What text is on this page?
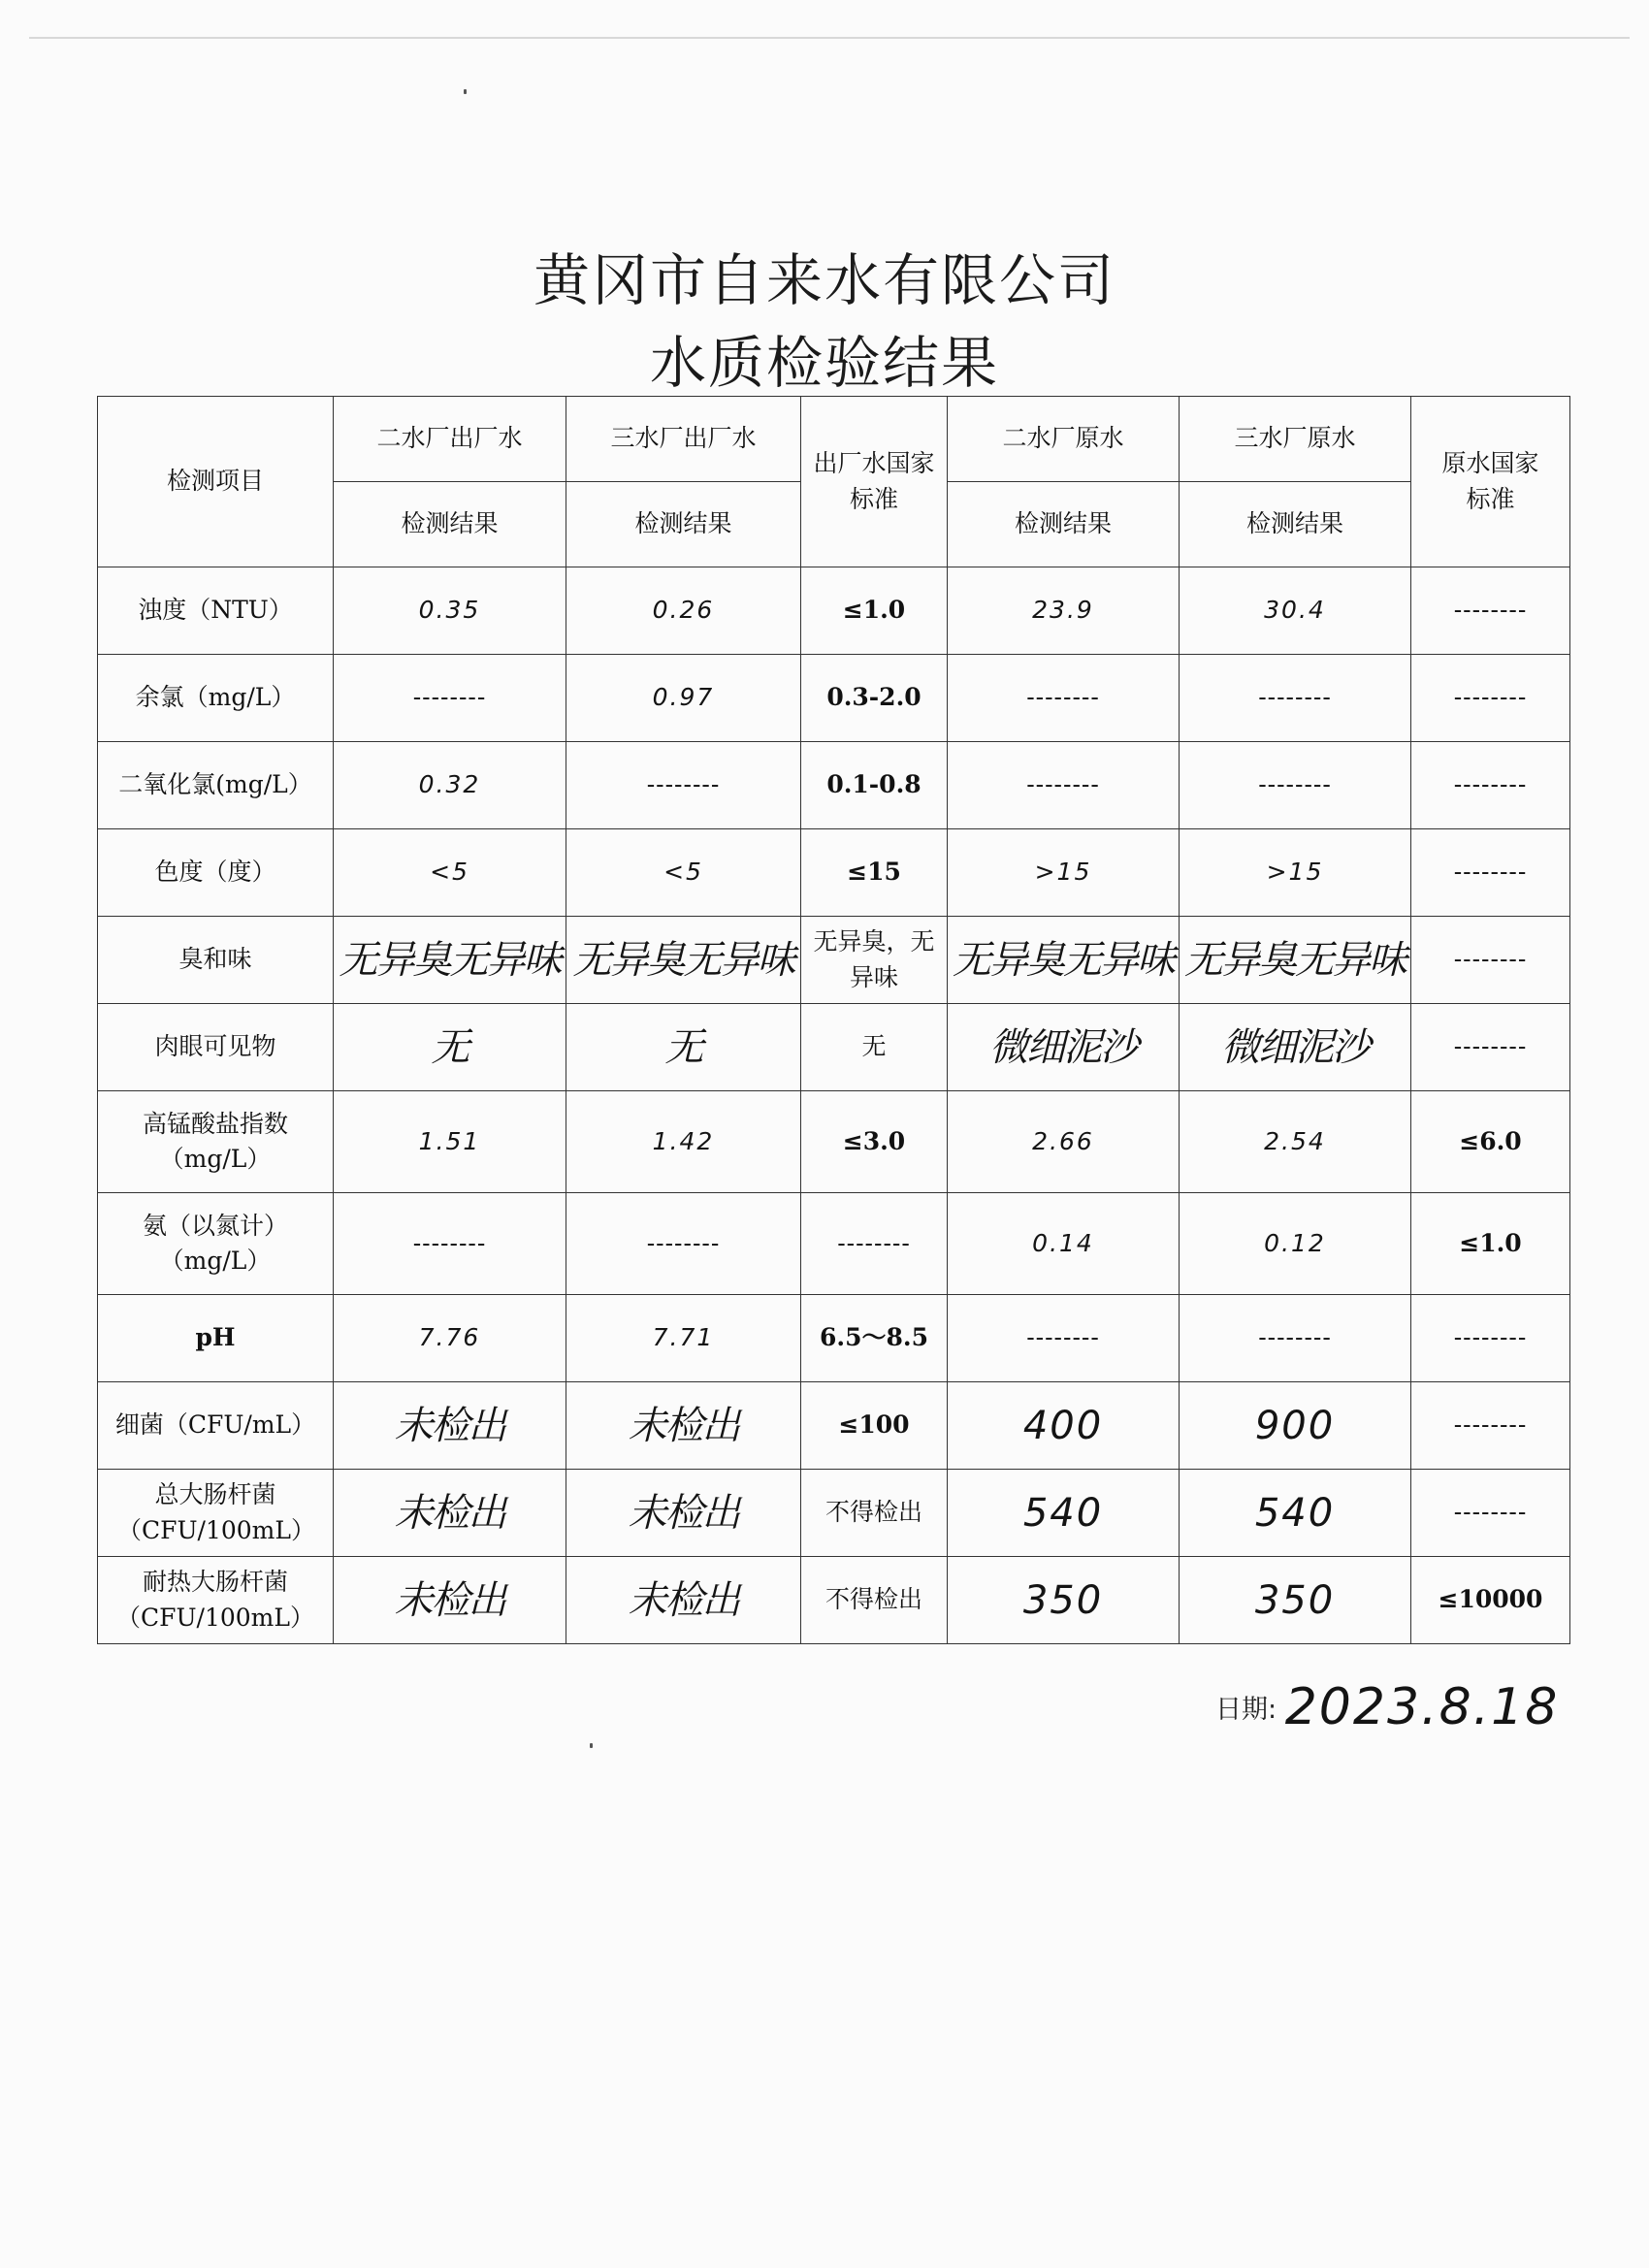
黄冈市自来水有限公司
水质检验结果
检测项目	二水厂出厂水	三水厂出厂水	出厂水国家标准	二水厂原水	三水厂原水	原水国家标准
	检测结果	检测结果		检测结果	检测结果	
浊度（NTU）	0.35	0.26	≤1.0	23.9	30.4	--------
余氯（mg/L）	--------	0.97	0.3-2.0	--------	--------	--------
二氧化氯(mg/L）	0.32	--------	0.1-0.8	--------	--------	--------
色度（度）	<5	<5	≤15	>15	>15	--------
臭和味	无异臭无异味	无异臭无异味	无异臭，无异味	无异臭无异味	无异臭无异味	--------
肉眼可见物	无	无	无	微细泥沙	微细泥沙	--------
高锰酸盐指数（mg/L）	1.51	1.42	≤3.0	2.66	2.54	≤6.0
氨（以氮计）（mg/L）	--------	--------	--------	0.14	0.12	≤1.0
pH	7.76	7.71	6.5～8.5	--------	--------	--------
细菌（CFU/mL）	未检出	未检出	≤100	400	900	--------
总大肠杆菌（CFU/100mL）	未检出	未检出	不得检出	540	540	--------
耐热大肠杆菌（CFU/100mL）	未检出	未检出	不得检出	350	350	≤10000
日期: 2023.8.18
